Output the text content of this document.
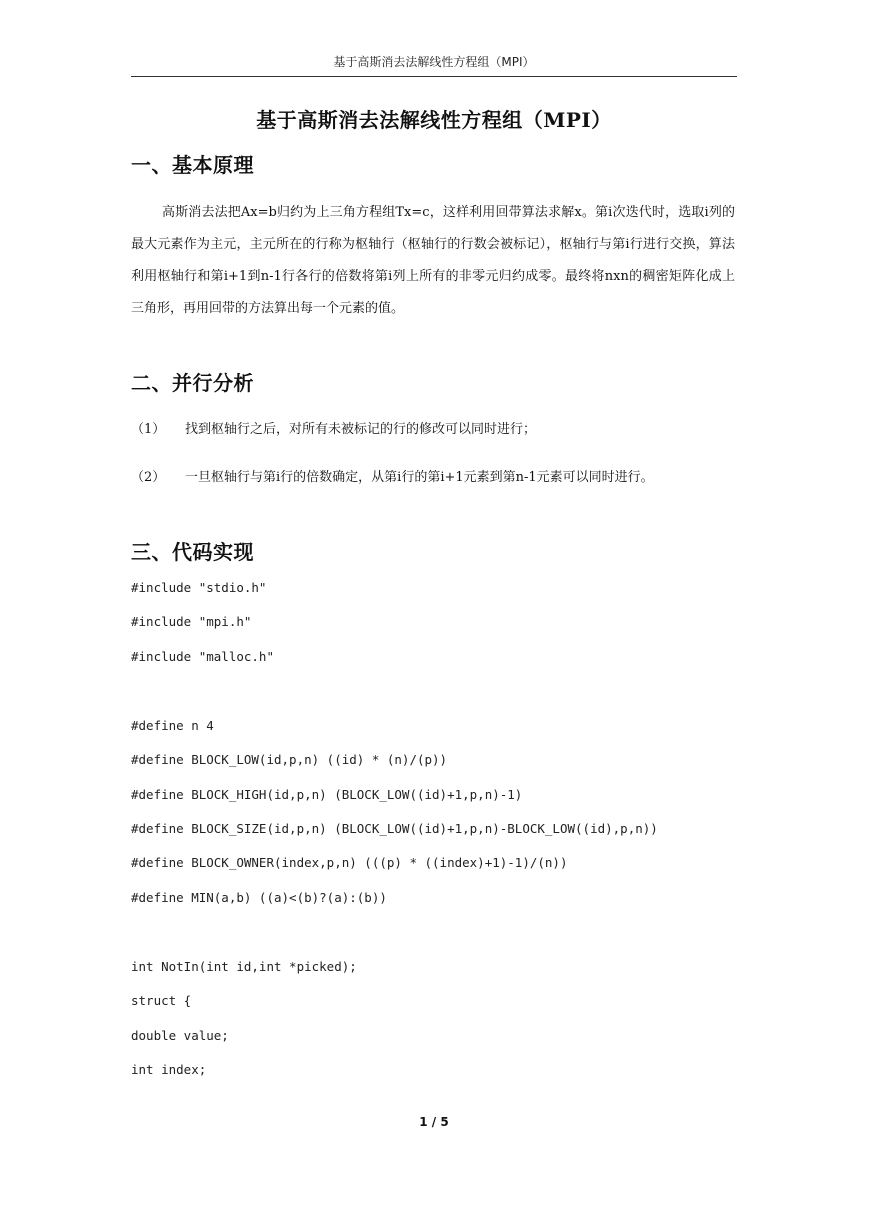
基于高斯消去法解线性方程组（MPI）
基于高斯消去法解线性方程组（MPI）
一、基本原理

高斯消去法把Ax=b归约为上三角方程组Tx=c，这样利用回带算法求解x。第i次迭代时，选取i列的最大元素作为主元，主元所在的行称为枢轴行（枢轴行的行数会被标记），枢轴行与第i行进行交换，算法利用枢轴行和第i+1到n-1行各行的倍数将第i列上所有的非零元归约成零。最终将nxn的稠密矩阵化成上三角形，再用回带的方法算出每一个元素的值。

二、并行分析
（1） 找到枢轴行之后，对所有未被标记的行的修改可以同时进行；
（2） 一旦枢轴行与第i行的倍数确定，从第i行的第i+1元素到第n-1元素可以同时进行。
三、代码实现
#include "stdio.h"
#include "mpi.h"
#include "malloc.h"
#define n 4
#define BLOCK_LOW(id,p,n) ((id) * (n)/(p))
#define BLOCK_HIGH(id,p,n) (BLOCK_LOW((id)+1,p,n)-1)
#define BLOCK_SIZE(id,p,n) (BLOCK_LOW((id)+1,p,n)-BLOCK_LOW((id),p,n))
#define BLOCK_OWNER(index,p,n) (((p) * ((index)+1)-1)/(n))
#define MIN(a,b) ((a)<(b)?(a):(b))
int NotIn(int id,int *picked);
struct {
double value;
int index;
1 / 5
